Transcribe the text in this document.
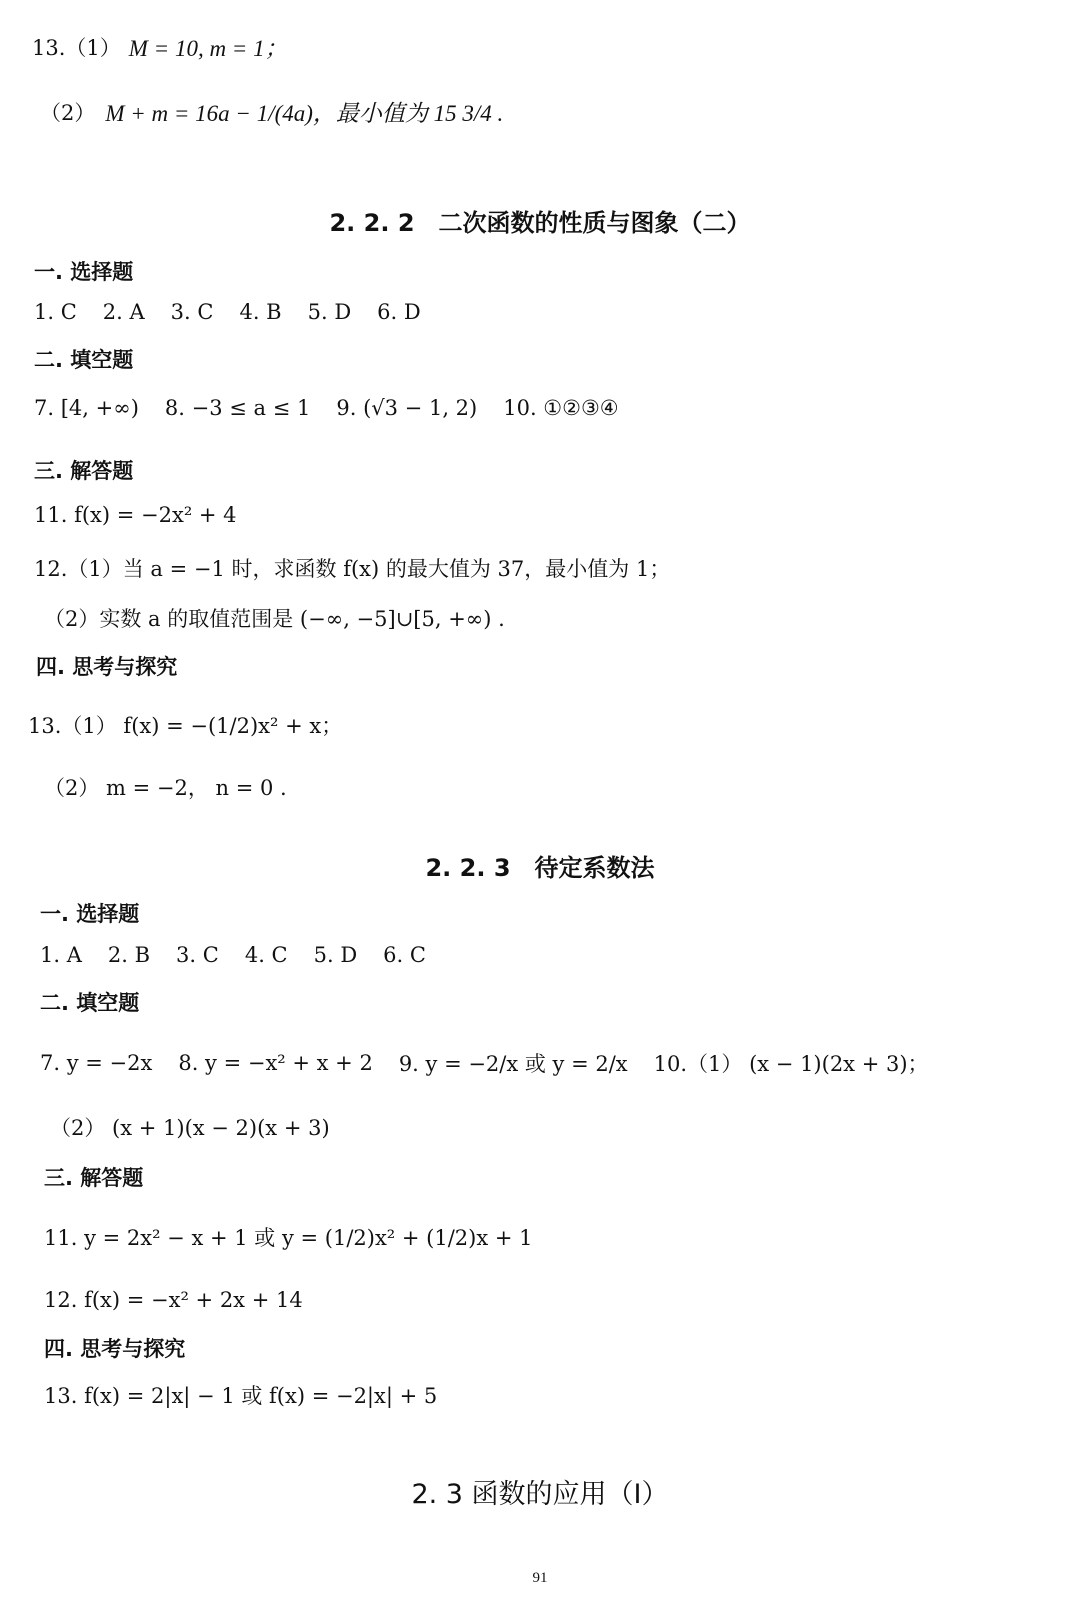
13.（1） M = 10, m = 1；
（2） M + m = 16a − 1/(4a)，最小值为 15 3/4 .
2. 2. 2　二次函数的性质与图象（二）
一. 选择题
1. C 2. A 3. C 4. B 5. D 6. D
二. 填空题
7. [4, +∞) 8. −3 ≤ a ≤ 1 9. (√3 − 1, 2) 10. ①②③④
三. 解答题
11. f(x) = −2x² + 4
12.（1）当 a = −1 时，求函数 f(x) 的最大值为 37，最小值为 1；
（2）实数 a 的取值范围是 (−∞, −5]∪[5, +∞) .
四. 思考与探究
13.（1） f(x) = −(1/2)x² + x；
（2） m = −2， n = 0 .
2. 2. 3　待定系数法
一. 选择题
1. A 2. B 3. C 4. C 5. D 6. C
二. 填空题
7. y = −2x 8. y = −x² + x + 2 9. y = −2/x 或 y = 2/x 10.（1） (x − 1)(2x + 3)；
（2） (x + 1)(x − 2)(x + 3)
三. 解答题
11. y = 2x² − x + 1 或 y = (1/2)x² + (1/2)x + 1
12. f(x) = −x² + 2x + 14
四. 思考与探究
13. f(x) = 2|x| − 1 或 f(x) = −2|x| + 5
2. 3 函数的应用（Ⅰ）
91
